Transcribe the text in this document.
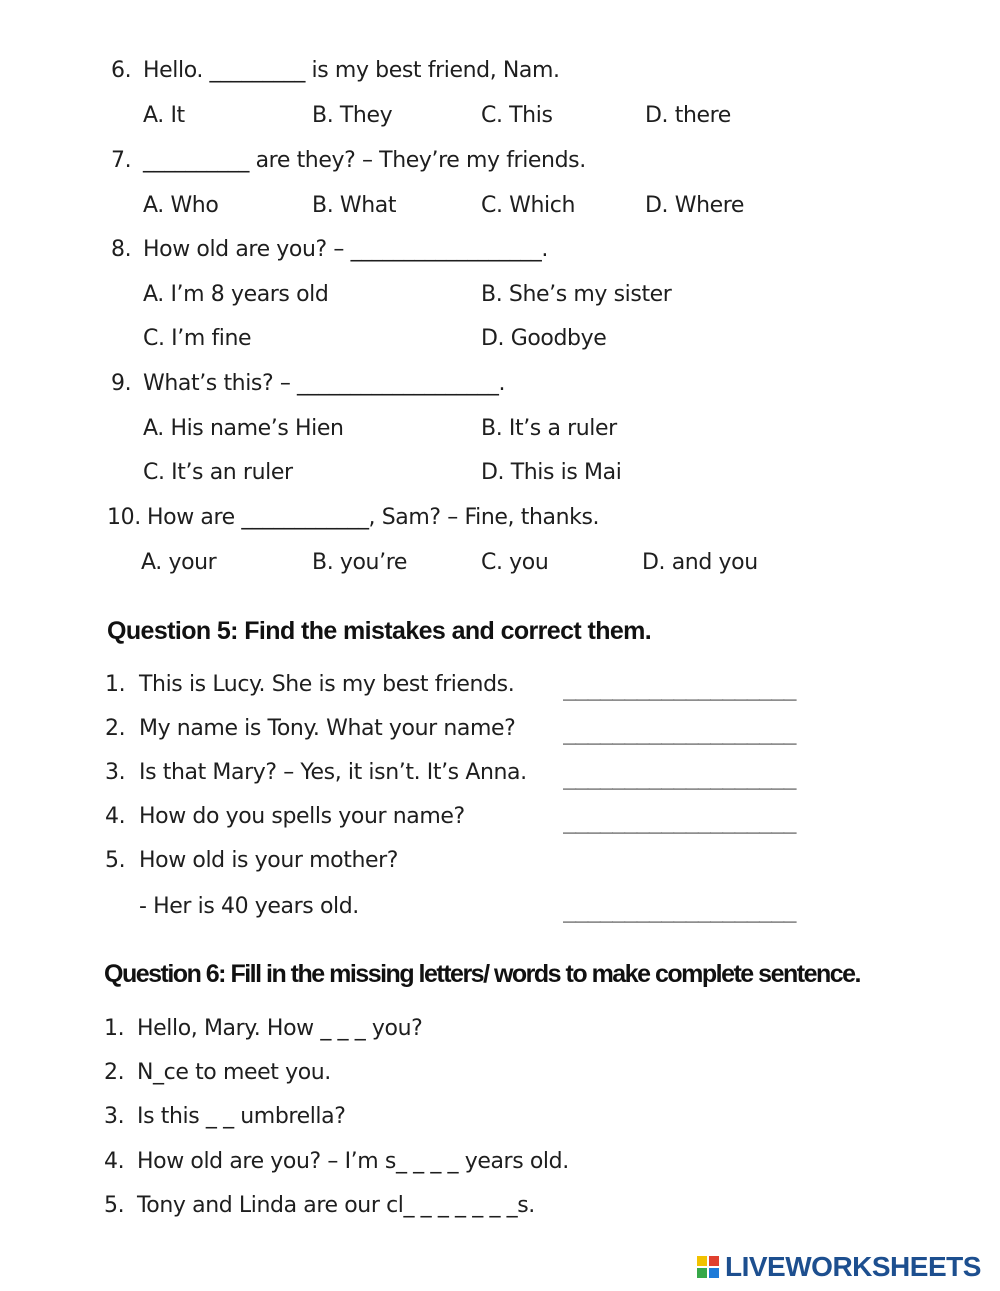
6. Hello. _________ is my best friend, Nam.
A. It	B. They	C. This	D. there
7. __________ are they? – They’re my friends.
A. Who	B. What	C. Which	D. Where
8. How old are you? – __________________.
A. I’m 8 years old	B. She’s my sister
C. I’m fine	D. Goodbye
9. What’s this? – ___________________.
A. His name’s Hien	B. It’s a ruler
C. It’s an ruler	D. This is Mai
10. How are ____________, Sam? – Fine, thanks.
A. your	B. you’re	C. you	D. and you
Question 5: Find the mistakes and correct them.
1. This is Lucy. She is my best friends. ___________________
2. My name is Tony. What your name? ___________________
3. Is that Mary? – Yes, it isn’t. It’s Anna. ___________________
4. How do you spells your name?	___________________
5. How old is your mother?
- Her is 40 years old.	___________________
Question 6: Fill in the missing letters/ words to make complete sentence.
1. Hello, Mary. How _ _ _ you?
2. N_ce to meet you.
3. Is this _ _ umbrella?
4. How old are you? – I’m s_ _ _ _ years old.
5. Tony and Linda are our cl_ _ _ _ _ _ _s.
LIVEWORKSHEETS
